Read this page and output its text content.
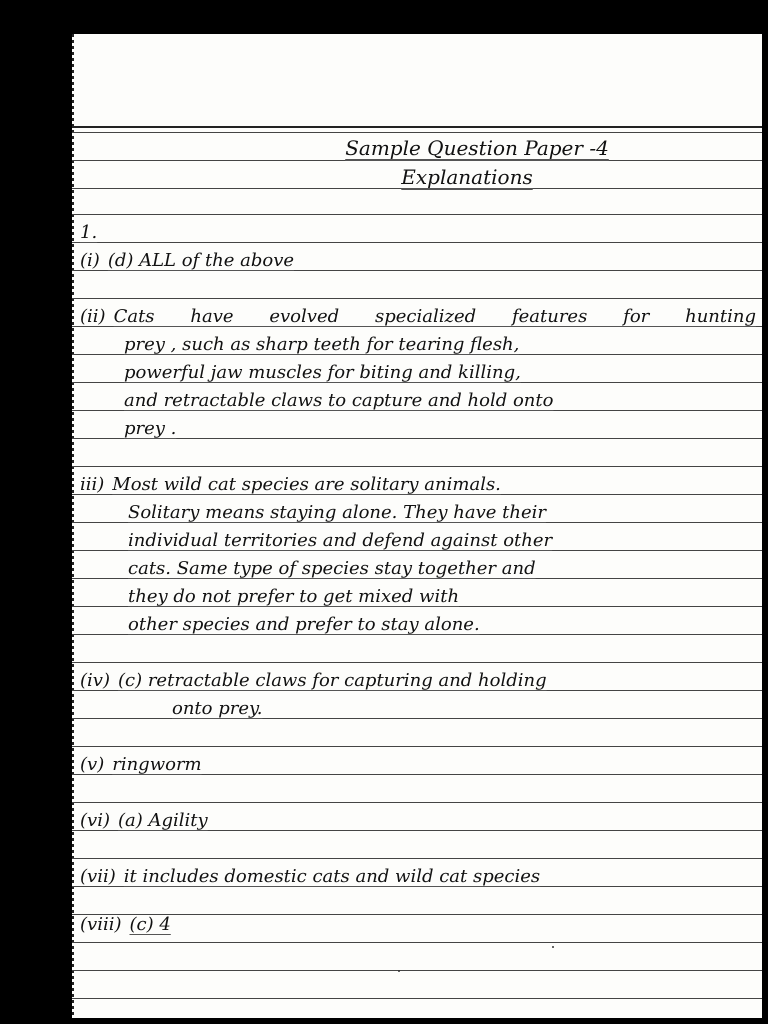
Sample Question Paper -4
Explanations
1.
(i) (d) ALL of the above
(ii) Cats have evolved specialized features for hunting
prey , such as sharp teeth for tearing flesh,
powerful jaw muscles for biting and killing,
and retractable claws to capture and hold onto
prey .
iii) Most wild cat species are solitary animals.
Solitary means staying alone. They have their
individual territories and defend against other
cats. Same type of species stay together and
they do not prefer to get mixed with
other species and prefer to stay alone.
(iv) (c) retractable claws for capturing and holding
onto prey.
(v) ringworm
(vi) (a) Agility
(vii) it includes domestic cats and wild cat species
(viii) (c) 4
